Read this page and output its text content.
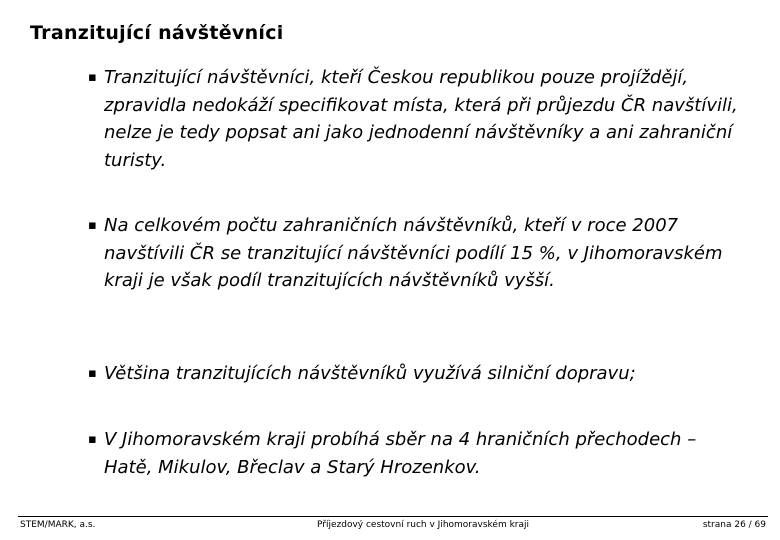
Tranzitující návštěvníci
▪ Tranzitující návštěvníci, kteří Českou republikou pouze projíždějí, zpravidla nedokáží specifikovat místa, která při průjezdu ČR navštívili, nelze je tedy popsat ani jako jednodenní návštěvníky a ani zahraniční turisty.
▪ Na celkovém počtu zahraničních návštěvníků, kteří v roce 2007 navštívili ČR se tranzitující návštěvníci podílí 15 %, v Jihomoravském kraji je však podíl tranzitujících návštěvníků vyšší.
▪ Většina tranzitujících návštěvníků využívá silniční dopravu;
▪ V Jihomoravském kraji probíhá sběr na 4 hraničních přechodech – Hatě, Mikulov, Břeclav a Starý Hrozenkov.
STEM/MARK, a.s.	Příjezdový cestovní ruch v Jihomoravském kraji	strana 26 / 69
